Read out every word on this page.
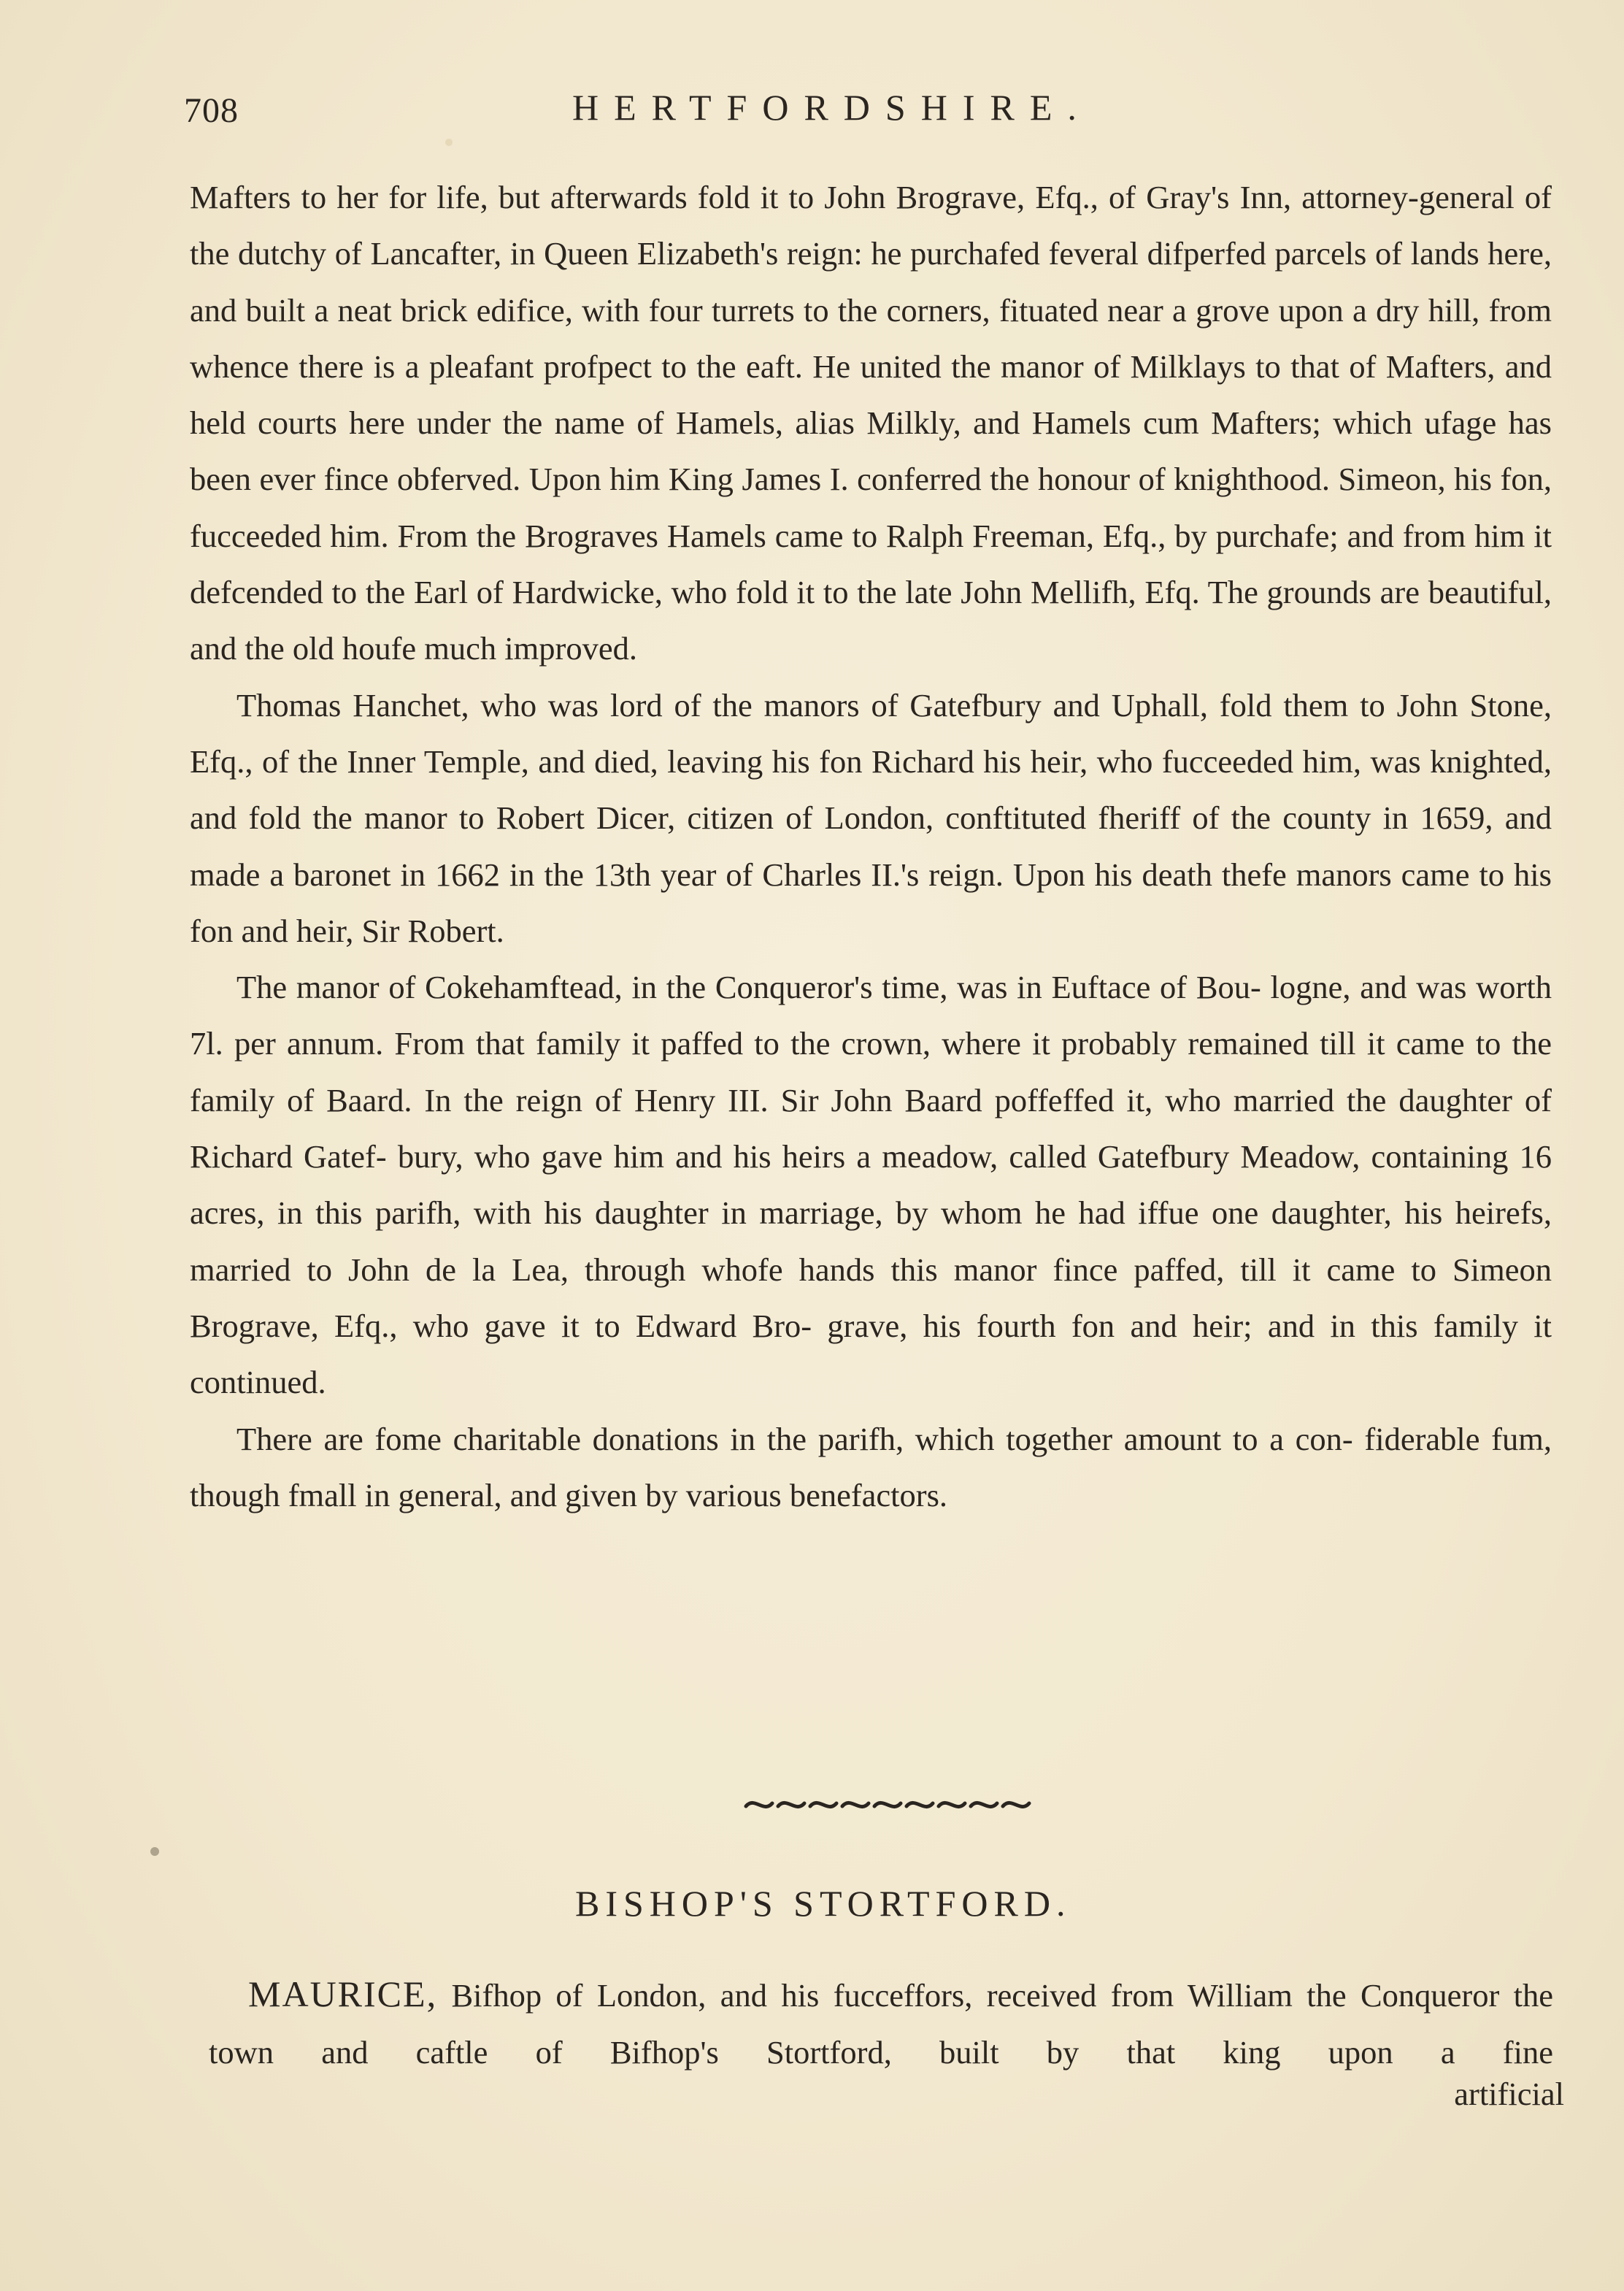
708	HERTFORDSHIRE.

Mafters to her for life, but afterwards fold it to John Brograve, Efq., of Gray's Inn, attorney-general of the dutchy of Lancafter, in Queen Elizabeth's reign: he purchafed feveral difperfed parcels of lands here, and built a neat brick edifice, with four turrets to the corners, fituated near a grove upon a dry hill, from whence there is a pleafant profpect to the eaft. He united the manor of Milklays to that of Mafters, and held courts here under the name of Hamels, alias Milkly, and Hamels cum Mafters; which ufage has been ever fince obferved. Upon him King James I. conferred the honour of knighthood. Simeon, his fon, fucceeded him. From the Brograves Hamels came to Ralph Freeman, Efq., by purchafe; and from him it defcended to the Earl of Hardwicke, who fold it to the late John Mellifh, Efq. The grounds are beautiful, and the old houfe much improved.

Thomas Hanchet, who was lord of the manors of Gatefbury and Uphall, fold them to John Stone, Efq., of the Inner Temple, and died, leaving his fon Richard his heir, who fucceeded him, was knighted, and fold the manor to Robert Dicer, citizen of London, conftituted fheriff of the county in 1659, and made a baronet in 1662 in the 13th year of Charles II.'s reign. Upon his death thefe manors came to his fon and heir, Sir Robert.

The manor of Cokehamftead, in the Conqueror's time, was in Euftace of Bou- logne, and was worth 7l. per annum. From that family it paffed to the crown, where it probably remained till it came to the family of Baard. In the reign of Henry III. Sir John Baard poffeffed it, who married the daughter of Richard Gatef- bury, who gave him and his heirs a meadow, called Gatefbury Meadow, containing 16 acres, in this parifh, with his daughter in marriage, by whom he had iffue one daughter, his heirefs, married to John de la Lea, through whofe hands this manor fince paffed, till it came to Simeon Brograve, Efq., who gave it to Edward Bro- grave, his fourth fon and heir; and in this family it continued.

There are fome charitable donations in the parifh, which together amount to a con- fiderable fum, though fmall in general, and given by various benefactors.

BISHOP'S STORTFORD.

MAURICE, Bifhop of London, and his fucceffors, received from William the Conqueror the town and caftle of Bifhop's Stortford, built by that king upon a fine

artificial
